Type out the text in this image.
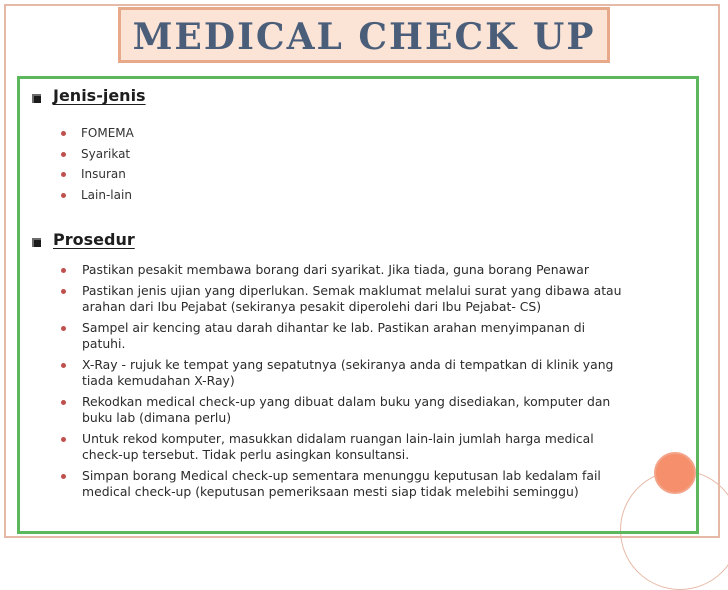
MEDICAL CHECK UP
Jenis-jenis
FOMEMA
Syarikat
Insuran
Lain-lain
Prosedur
Pastikan pesakit membawa borang dari syarikat. Jika tiada, guna borang Penawar
Pastikan jenis ujian yang diperlukan. Semak maklumat melalui surat yang dibawa atau
arahan dari Ibu Pejabat (sekiranya pesakit diperolehi dari Ibu Pejabat- CS)
Sampel air kencing atau darah dihantar ke lab. Pastikan arahan menyimpanan di
patuhi.
X-Ray - rujuk ke tempat yang sepatutnya (sekiranya anda di tempatkan di klinik yang
tiada kemudahan X-Ray)
Rekodkan medical check-up yang dibuat dalam buku yang disediakan, komputer dan
buku lab (dimana perlu)
Untuk rekod komputer, masukkan didalam ruangan lain-lain jumlah harga medical
check-up tersebut. Tidak perlu asingkan konsultansi.
Simpan borang Medical check-up sementara menunggu keputusan lab kedalam fail
medical check-up (keputusan pemeriksaan mesti siap tidak melebihi seminggu)
